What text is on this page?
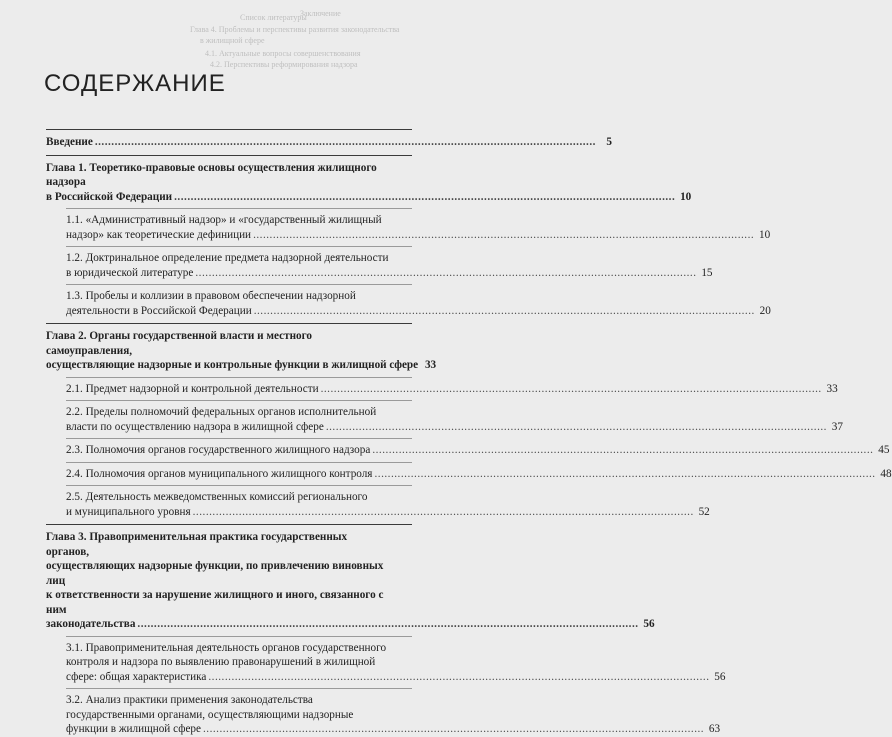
Глава 4. Проблемы и перспективы развития законодательства
в жилищной сфере
4.1. Актуальные вопросы совершенствования
4.2. Перспективы реформирования надзора
Заключение
Список литературы
СОДЕРЖАНИЕ
Введение .....	5
Глава 1. Теоретико-правовые основы осуществления жилищного надзора
в Российской Федерации .....	10
1.1. «Административный надзор» и «государственный жилищный
надзор» как теоретические дефиниции .....	10
1.2. Доктринальное определение предмета надзорной деятельности
в юридической литературе .....	15
1.3. Пробелы и коллизии в правовом обеспечении надзорной
деятельности в Российской Федерации .....	20
Глава 2. Органы государственной власти и местного самоуправления,
осуществляющие надзорные и контрольные функции в жилищной сфере 33
2.1. Предмет надзорной и контрольной деятельности .....	33
2.2. Пределы полномочий федеральных органов исполнительной
власти по осуществлению надзора в жилищной сфере .....	37
2.3. Полномочия органов государственного жилищного надзора .....	45
2.4. Полномочия органов муниципального жилищного контроля .....	48
2.5. Деятельность межведомственных комиссий регионального
и муниципального уровня .....	52
Глава 3. Правоприменительная практика государственных органов,
осуществляющих надзорные функции, по привлечению виновных лиц
к ответственности за нарушение жилищного и иного, связанного с ним
законодательства .....	56
3.1. Правоприменительная деятельность органов государственного
контроля и надзора по выявлению правонарушений в жилищной
сфере: общая характеристика .....	56
3.2. Анализ практики применения законодательства
государственными органами, осуществляющими надзорные
функции в жилищной сфере .....	63
